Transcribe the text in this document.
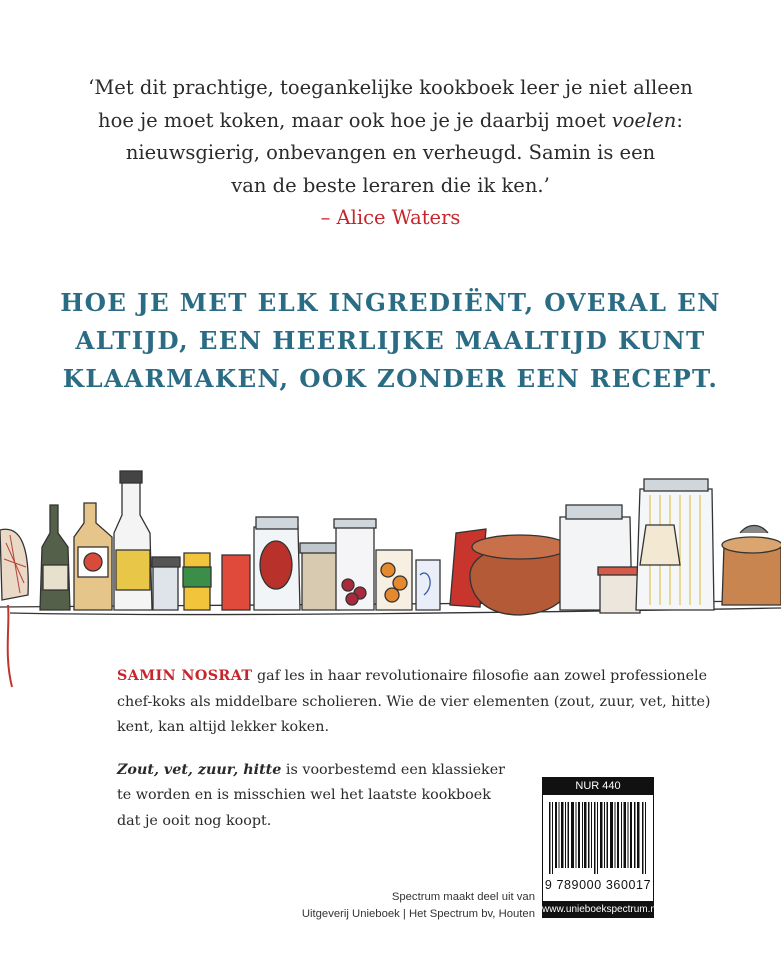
‘Met dit prachtige, toegankelijke kookboek leer je niet alleen
hoe je moet koken, maar ook hoe je je daarbij moet voelen:
nieuwsgierig, onbevangen en verheugd. Samin is een
van de beste leraren die ik ken.’
– Alice Waters
HOE JE MET ELK INGREDIËNT, OVERAL EN
ALTIJD, EEN HEERLIJKE MAALTIJD KUNT
KLAARMAKEN, OOK ZONDER EEN RECEPT.
SAMIN NOSRAT gaf les in haar revolutionaire filosofie aan zowel professionele
chef-koks als middelbare scholieren. Wie de vier elementen (zout, zuur, vet, hitte)
kent, kan altijd lekker koken.
Zout, vet, zuur, hitte is voorbestemd een klassieker
te worden en is misschien wel het laatste kookboek
dat je ooit nog koopt.
NUR 440
9 789000 360017
www.unieboekspectrum.nl
Spectrum maakt deel uit van
Uitgeverij Unieboek | Het Spectrum bv, Houten
